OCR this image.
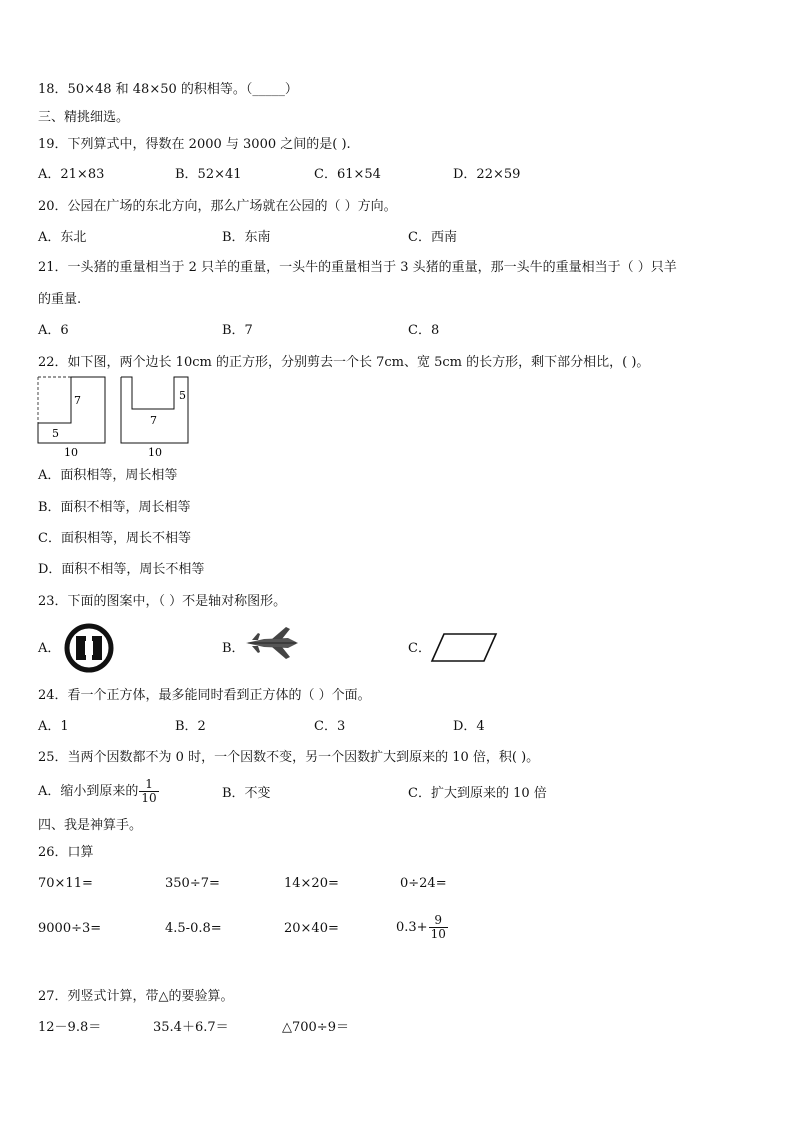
18．50×48 和 48×50 的积相等。（_____）
三、精挑细选。
19．下列算式中，得数在 2000 与 3000 之间的是( ).
A．21×83	B．52×41	C．61×54	D．22×59
20．公园在广场的东北方向，那么广场就在公园的（ ）方向。
A．东北	B．东南	C．西南
21．一头猪的重量相当于 2 只羊的重量，一头牛的重量相当于 3 头猪的重量，那一头牛的重量相当于（ ）只羊
的重量.
A．6	B．7	C．8
22．如下图，两个边长 10cm 的正方形，分别剪去一个长 7cm、宽 5cm 的长方形，剩下部分相比，( )。
7
5
10
5
7
10
A．面积相等，周长相等
B．面积不相等，周长相等
C．面积相等，周长不相等
D．面积不相等，周长不相等
23．下面的图案中，（ ）不是轴对称图形。
A．	B．	C．
24．看一个正方体，最多能同时看到正方体的（ ）个面。
A．1	B．2	C．3	D．4
25．当两个因数都不为 0 时，一个因数不变，另一个因数扩大到原来的 10 倍，积( )。
A．缩小到原来的 $\frac{1}{10}$	B．不变	C．扩大到原来的 10 倍
四、我是神算手。
26．口算
70×11=	350÷7=	14×20=	0÷24=
9000÷3=	4.5-0.8=	20×40=	$0.3+ \frac{9}{10}$
27．列竖式计算，带△的要验算。
12－9.8＝	35.4＋6.7＝	△700÷9＝
